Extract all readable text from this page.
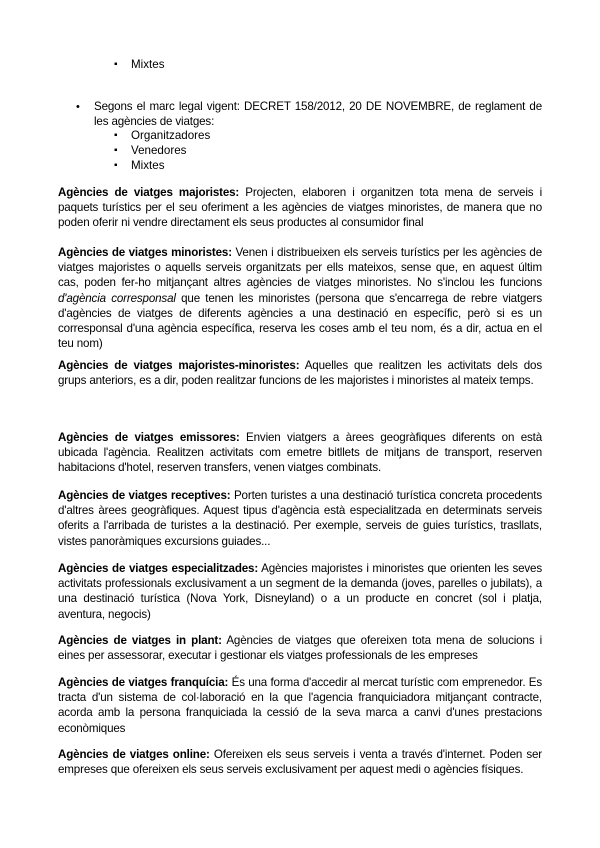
▪ Mixtes
• Segons el marc legal vigent: DECRET 158/2012, 20 DE NOVEMBRE, de reglament de les agències de viatges:
▪ Organitzadores
▪ Venedores
▪ Mixtes
Agències de viatges majoristes: Projecten, elaboren i organitzen tota mena de serveis i paquets turístics per el seu oferiment a les agències de viatges minoristes, de manera que no poden oferir ni vendre directament els seus productes al consumidor final
Agències de viatges minoristes: Venen i distribueixen els serveis turístics per les agències de viatges majoristes o aquells serveis organitzats per ells mateixos, sense que, en aquest últim cas, poden fer-ho mitjançant altres agències de viatges minoristes. No s'inclou les funcions d'agència corresponsal que tenen les minoristes (persona que s'encarrega de rebre viatgers d'agències de viatges de diferents agències a una destinació en específic, però si es un corresponsal d'una agència específica, reserva les coses amb el teu nom, és a dir, actua en el teu nom)
Agències de viatges majoristes-minoristes: Aquelles que realitzen les activitats dels dos grups anteriors, es a dir, poden realitzar funcions de les majoristes i minoristes al mateix temps.
Agències de viatges emissores: Envien viatgers a àrees geogràfiques diferents on està ubicada l'agència. Realitzen activitats com emetre bitllets de mitjans de transport, reserven habitacions d'hotel, reserven transfers, venen viatges combinats.
Agències de viatges receptives: Porten turistes a una destinació turística concreta procedents d'altres àrees geogràfiques. Aquest tipus d'agència està especialitzada en determinats serveis oferits a l'arribada de turistes a la destinació. Per exemple, serveis de guies turístics, trasllats, vistes panoràmiques excursions guiades...
Agències de viatges especialitzades: Agències majoristes i minoristes que orienten les seves activitats professionals exclusivament a un segment de la demanda (joves, parelles o jubilats), a una destinació turística (Nova York, Disneyland) o a un producte en concret (sol i platja, aventura, negocis)
Agències de viatges in plant: Agències de viatges que ofereixen tota mena de solucions i eines per assessorar, executar i gestionar els viatges professionals de les empreses
Agències de viatges franquícia: És una forma d'accedir al mercat turístic com emprenedor. Es tracta d'un sistema de col·laboració en la que l'agencia franquiciadora mitjançant contracte, acorda amb la persona franquiciada la cessió de la seva marca a canvi d'unes prestacions econòmiques
Agències de viatges online: Ofereixen els seus serveis i venta a través d'internet. Poden ser empreses que ofereixen els seus serveis exclusivament per aquest medi o agències físiques.
